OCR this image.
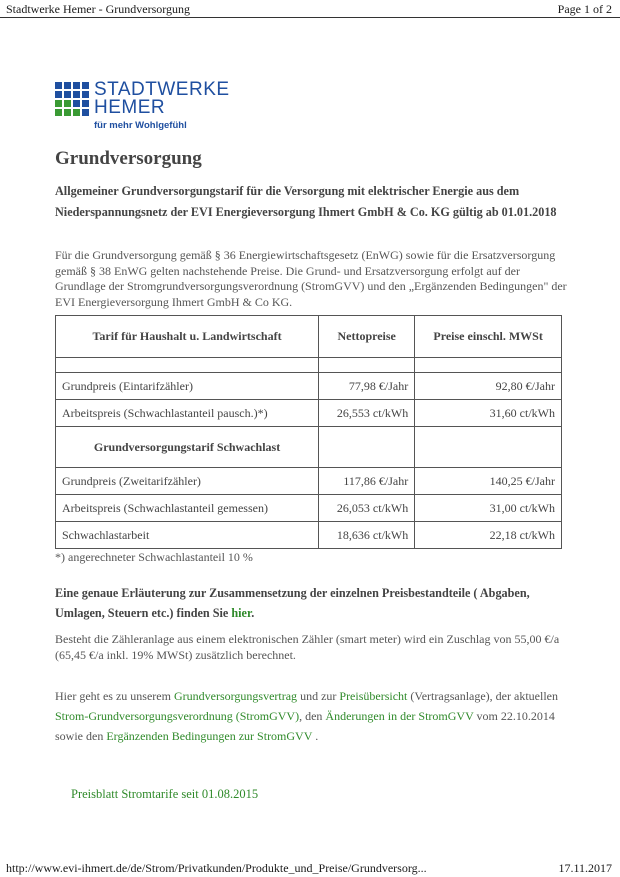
Stadtwerke Hemer - Grundversorgung	Page 1 of 2
STADTWERKE
HEMER
für mehr Wohlgefühl
Grundversorgung
Allgemeiner Grundversorgungstarif für die Versorgung mit elektrischer Energie aus dem Niederspannungsnetz der EVI Energieversorgung Ihmert GmbH & Co. KG gültig ab 01.01.2018
Für die Grundversorgung gemäß § 36 Energiewirtschaftsgesetz (EnWG) sowie für die Ersatzversorgung gemäß § 38 EnWG gelten nachstehende Preise. Die Grund- und Ersatzversorgung erfolgt auf der Grundlage der Stromgrundversorgungsverordnung (StromGVV) und den „Ergänzenden Bedingungen" der EVI Energieversorgung Ihmert GmbH & Co KG.
Tarif für Haushalt u. Landwirtschaft	Nettopreise	Preise einschl. MWSt

Grundpreis (Eintarifzähler)	77,98 €/Jahr	92,80 €/Jahr
Arbeitspreis (Schwachlastanteil pausch.)*)	26,553 ct/kWh	31,60 ct/kWh
Grundversorgungstarif Schwachlast		
Grundpreis (Zweitarifzähler)	117,86 €/Jahr	140,25 €/Jahr
Arbeitspreis (Schwachlastanteil gemessen)	26,053 ct/kWh	31,00 ct/kWh
Schwachlastarbeit	18,636 ct/kWh	22,18 ct/kWh
*) angerechneter Schwachlastanteil 10 %
Eine genaue Erläuterung zur Zusammensetzung der einzelnen Preisbestandteile ( Abgaben, Umlagen, Steuern etc.) finden Sie hier.
Besteht die Zähleranlage aus einem elektronischen Zähler (smart meter) wird ein Zuschlag von 55,00 €/a (65,45 €/a inkl. 19% MWSt) zusätzlich berechnet.
Hier geht es zu unserem Grundversorgungsvertrag und zur Preisübersicht (Vertragsanlage), der aktuellen Strom-Grundversorgungsverordnung (StromGVV), den Änderungen in der StromGVV vom 22.10.2014 sowie den Ergänzenden Bedingungen zur StromGVV .
Preisblatt Stromtarife seit 01.08.2015
http://www.evi-ihmert.de/de/Strom/Privatkunden/Produkte_und_Preise/Grundversorg...	17.11.2017
